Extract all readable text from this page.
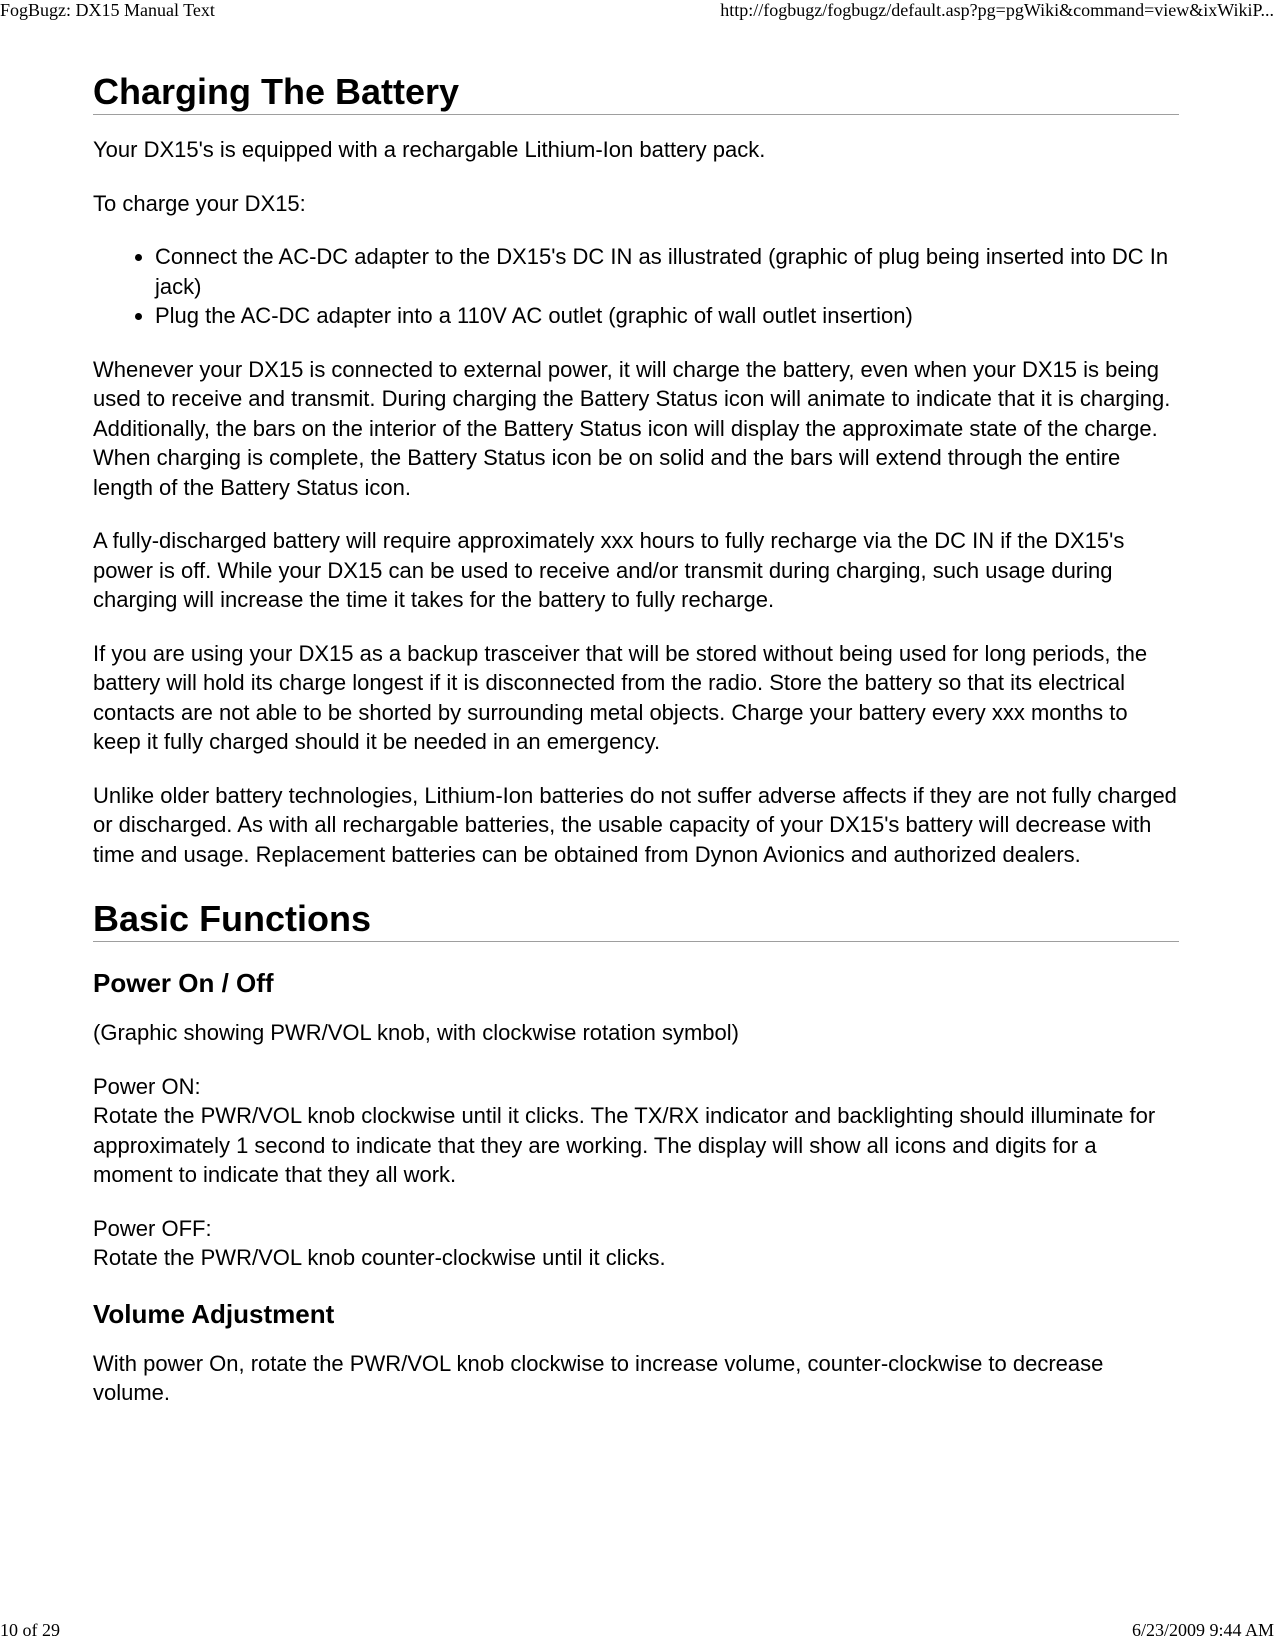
FogBugz: DX15 Manual Text	http://fogbugz/fogbugz/default.asp?pg=pgWiki&command=view&ixWikiP...
Charging The Battery

Your DX15's is equipped with a rechargable Lithium-Ion battery pack.

To charge your DX15:

• Connect the AC-DC adapter to the DX15's DC IN as illustrated (graphic of plug being inserted into DC In jack)
• Plug the AC-DC adapter into a 110V AC outlet (graphic of wall outlet insertion)

Whenever your DX15 is connected to external power, it will charge the battery, even when your DX15 is being used to receive and transmit. During charging the Battery Status icon will animate to indicate that it is charging. Additionally, the bars on the interior of the Battery Status icon will display the approximate state of the charge. When charging is complete, the Battery Status icon be on solid and the bars will extend through the entire length of the Battery Status icon.

A fully-discharged battery will require approximately xxx hours to fully recharge via the DC IN if the DX15's power is off. While your DX15 can be used to receive and/or transmit during charging, such usage during charging will increase the time it takes for the battery to fully recharge.

If you are using your DX15 as a backup trasceiver that will be stored without being used for long periods, the battery will hold its charge longest if it is disconnected from the radio. Store the battery so that its electrical contacts are not able to be shorted by surrounding metal objects. Charge your battery every xxx months to keep it fully charged should it be needed in an emergency.

Unlike older battery technologies, Lithium-Ion batteries do not suffer adverse affects if they are not fully charged or discharged. As with all rechargable batteries, the usable capacity of your DX15's battery will decrease with time and usage. Replacement batteries can be obtained from Dynon Avionics and authorized dealers.

Basic Functions
Power On / Off

(Graphic showing PWR/VOL knob, with clockwise rotation symbol)

Power ON:
Rotate the PWR/VOL knob clockwise until it clicks. The TX/RX indicator and backlighting should illuminate for approximately 1 second to indicate that they are working. The display will show all icons and digits for a moment to indicate that they all work.

Power OFF:
Rotate the PWR/VOL knob counter-clockwise until it clicks.

Volume Adjustment

With power On, rotate the PWR/VOL knob clockwise to increase volume, counter-clockwise to decrease volume.

10 of 29	6/23/2009 9:44 AM
